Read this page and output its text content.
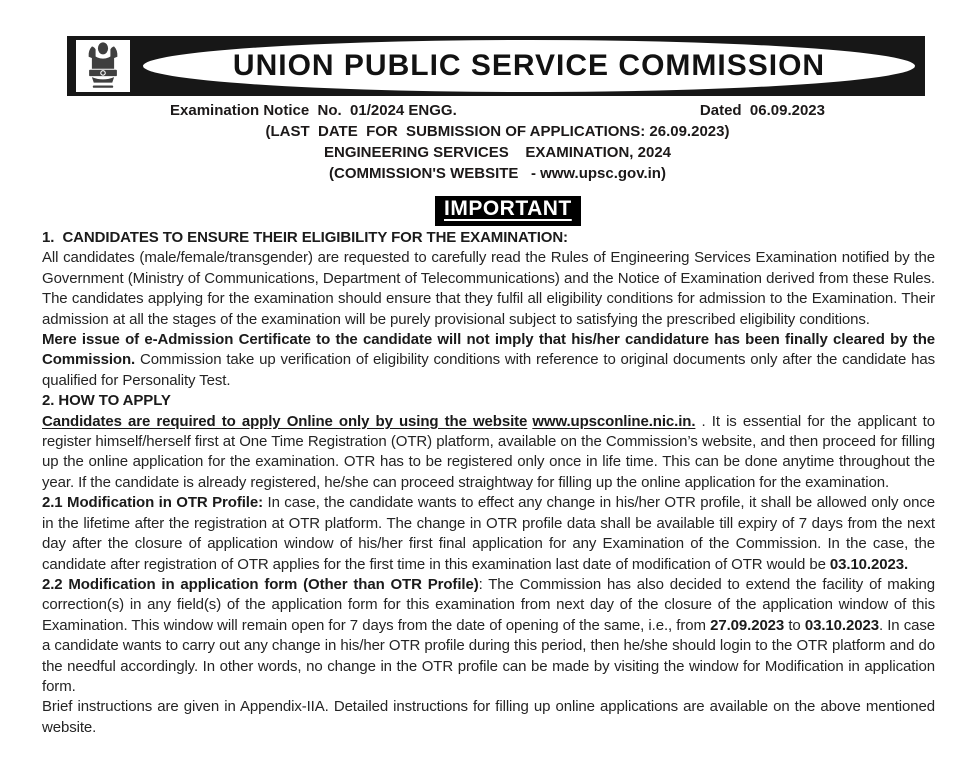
UNION PUBLIC SERVICE COMMISSION
Examination Notice  No.  01/2024 ENGG.	Dated  06.09.2023
(LAST  DATE  FOR  SUBMISSION OF APPLICATIONS: 26.09.2023)
ENGINEERING SERVICES    EXAMINATION, 2024
(COMMISSION'S WEBSITE   - www.upsc.gov.in)
IMPORTANT

1.  CANDIDATES TO ENSURE THEIR ELIGIBILITY FOR THE EXAMINATION:

All candidates (male/female/transgender) are requested to carefully read the Rules of Engineering Services Examination notified by the Government (Ministry of Communications, Department of Telecommunications) and the Notice of Examination derived from these Rules. The candidates applying for the examination should ensure that they fulfil all eligibility conditions for admission to the Examination. Their admission at all the stages of the examination will be purely provisional subject to satisfying the prescribed eligibility conditions.

Mere issue of e-Admission Certificate to the candidate will not imply that his/her candidature has been finally cleared by the Commission. Commission take up verification of eligibility conditions with reference to original documents only after the candidate has qualified for Personality Test.

2. HOW TO APPLY

Candidates are required to apply Online only by using the website www.upsconline.nic.in. . It is essential for the applicant to register himself/herself first at One Time Registration (OTR) platform, available on the Commission’s website, and then proceed for filling up the online application for the examination. OTR has to be registered only once in life time. This can be done anytime throughout the year. If the candidate is already registered, he/she can proceed straightway for filling up the online application for the examination.

2.1 Modification in OTR Profile: In case, the candidate wants to effect any change in his/her OTR profile, it shall be allowed only once in the lifetime after the registration at OTR platform. The change in OTR profile data shall be available till expiry of 7 days from the next day after the closure of application window of his/her first final application for any Examination of the Commission. In the case, the candidate after registration of OTR applies for the first time in this examination last date of modification of OTR would be 03.10.2023.

2.2 Modification in application form (Other than OTR Profile): The Commission has also decided to extend the facility of making correction(s) in any field(s) of the application form for this examination from next day of the closure of the application window of this Examination. This window will remain open for 7 days from the date of opening of the same, i.e., from 27.09.2023 to 03.10.2023. In case a candidate wants to carry out any change in his/her OTR profile during this period, then he/she should login to the OTR platform and do the needful accordingly. In other words, no change in the OTR profile can be made by visiting the window for Modification in application form.

Brief instructions are given in Appendix-IIA. Detailed instructions for filling up online applications are available on the above mentioned website.
